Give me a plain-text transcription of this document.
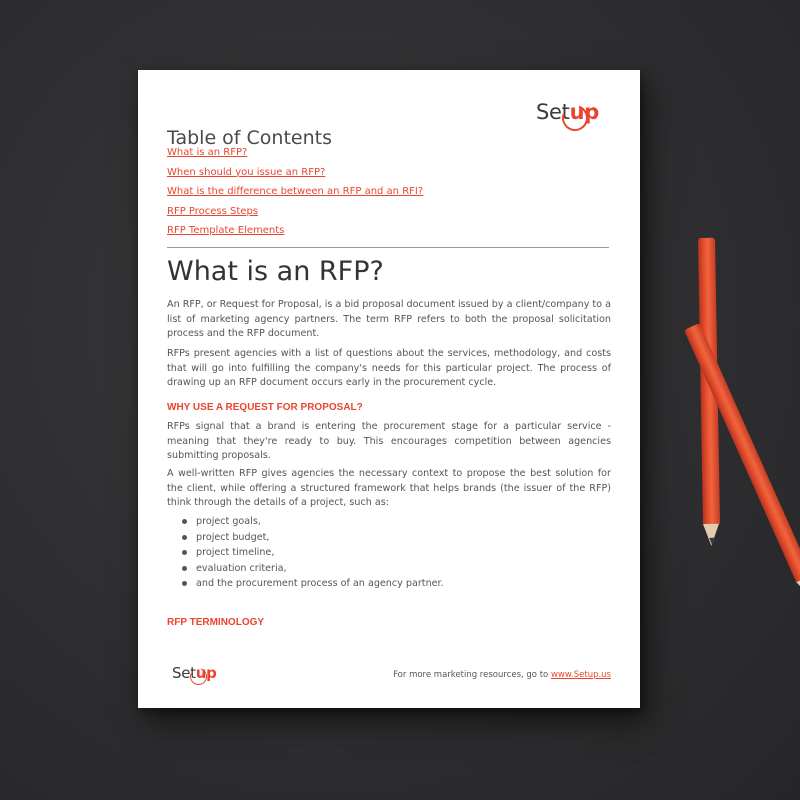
Setup
Table of Contents
What is an RFP?
When should you issue an RFP?
What is the difference between an RFP and an RFI?
RFP Process Steps
RFP Template Elements
What is an RFP?

An RFP, or Request for Proposal, is a bid proposal document issued by a client/company to a list of marketing agency partners. The term RFP refers to both the proposal solicitation process and the RFP document.

RFPs present agencies with a list of questions about the services, methodology, and costs that will go into fulfilling the company's needs for this particular project. The process of drawing up an RFP document occurs early in the procurement cycle.

WHY USE A REQUEST FOR PROPOSAL?

RFPs signal that a brand is entering the procurement stage for a particular service - meaning that they're ready to buy. This encourages competition between agencies submitting proposals.

A well-written RFP gives agencies the necessary context to propose the best solution for the client, while offering a structured framework that helps brands (the issuer of the RFP) think through the details of a project, such as:

project goals,
project budget,
project timeline,
evaluation criteria,
and the procurement process of an agency partner.
RFP TERMINOLOGY
Setup	For more marketing resources, go to www.Setup.us
